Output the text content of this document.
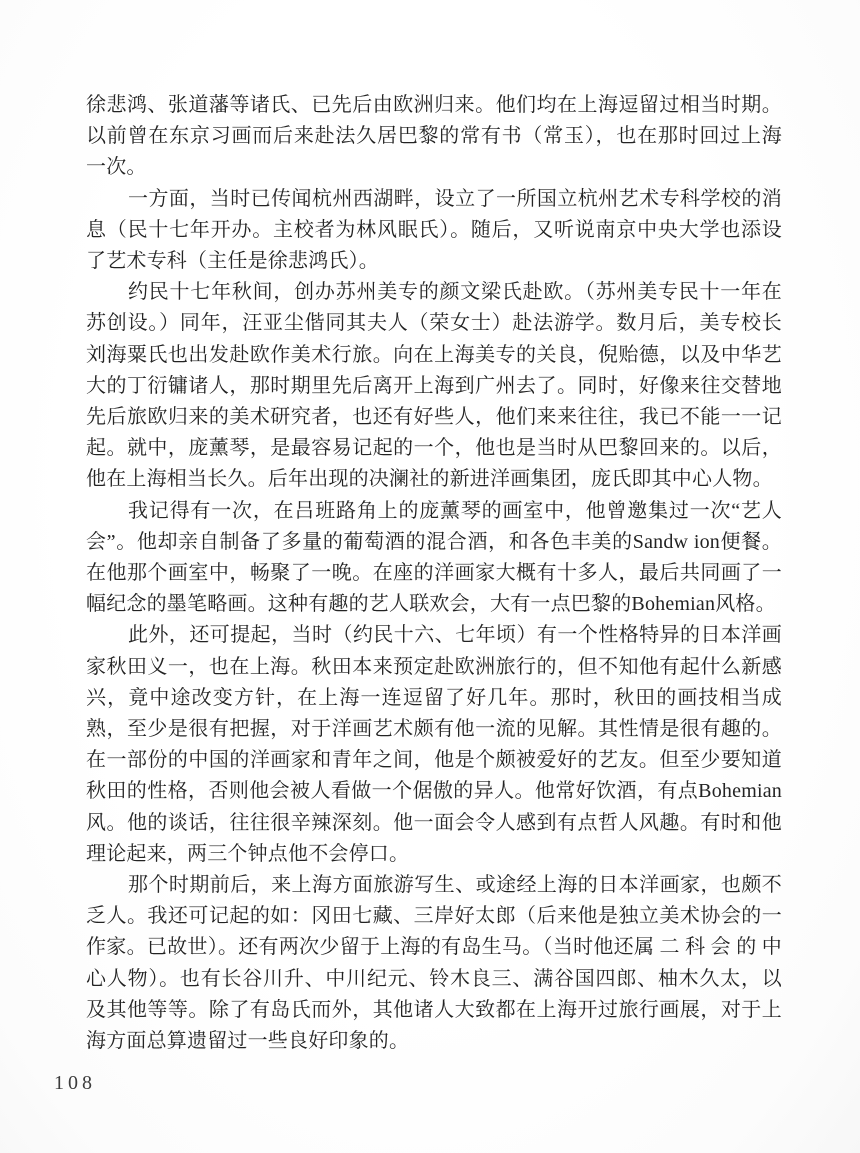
徐悲鸿、张道藩等诸氏、已先后由欧洲归来。他们均在上海逗留过相当时期。以前曾在东京习画而后来赴法久居巴黎的常有书（常玉），也在那时回过上海一次。

一方面，当时已传闻杭州西湖畔，设立了一所国立杭州艺术专科学校的消息（民十七年开办。主校者为林风眠氏）。随后，又听说南京中央大学也添设了艺术专科（主任是徐悲鸿氏）。

约民十七年秋间，创办苏州美专的颜文梁氏赴欧。（苏州美专民十一年在苏创设。）同年，汪亚尘偕同其夫人（荣女士）赴法游学。数月后，美专校长刘海粟氏也出发赴欧作美术行旅。向在上海美专的关良，倪贻德，以及中华艺大的丁衍镛诸人，那时期里先后离开上海到广州去了。同时，好像来往交替地先后旅欧归来的美术研究者，也还有好些人，他们来来往往，我已不能一一记起。就中，庞薰琴，是最容易记起的一个，他也是当时从巴黎回来的。以后，他在上海相当长久。后年出现的决澜社的新进洋画集团，庞氏即其中心人物。

我记得有一次，在吕班路角上的庞薰琴的画室中，他曾邀集过一次“艺人会”。他却亲自制备了多量的葡萄酒的混合酒，和各色丰美的Sandw ion便餐。在他那个画室中，畅聚了一晚。在座的洋画家大概有十多人，最后共同画了一幅纪念的墨笔略画。这种有趣的艺人联欢会，大有一点巴黎的Bohemian风格。

此外，还可提起，当时（约民十六、七年顷）有一个性格特异的日本洋画家秋田义一，也在上海。秋田本来预定赴欧洲旅行的，但不知他有起什么新感兴，竟中途改变方针，在上海一连逗留了好几年。那时，秋田的画技相当成熟，至少是很有把握，对于洋画艺术颇有他一流的见解。其性情是很有趣的。在一部份的中国的洋画家和青年之间，他是个颇被爱好的艺友。但至少要知道秋田的性格，否则他会被人看做一个倨傲的异人。他常好饮酒，有点Bohemian风。他的谈话，往往很辛辣深刻。他一面会令人感到有点哲人风趣。有时和他理论起来，两三个钟点他不会停口。

那个时期前后，来上海方面旅游写生、或途经上海的日本洋画家，也颇不乏人。我还可记起的如：冈田七藏、三岸好太郎（后来他是独立美术协会的一作家。已故世）。还有两次少留于上海的有岛生马。（当时他还属 二 科 会 的 中心人物）。也有长谷川升、中川纪元、铃木良三、满谷国四郎、柚木久太，以及其他等等。除了有岛氏而外，其他诸人大致都在上海开过旅行画展，对于上海方面总算遗留过一些良好印象的。

108
